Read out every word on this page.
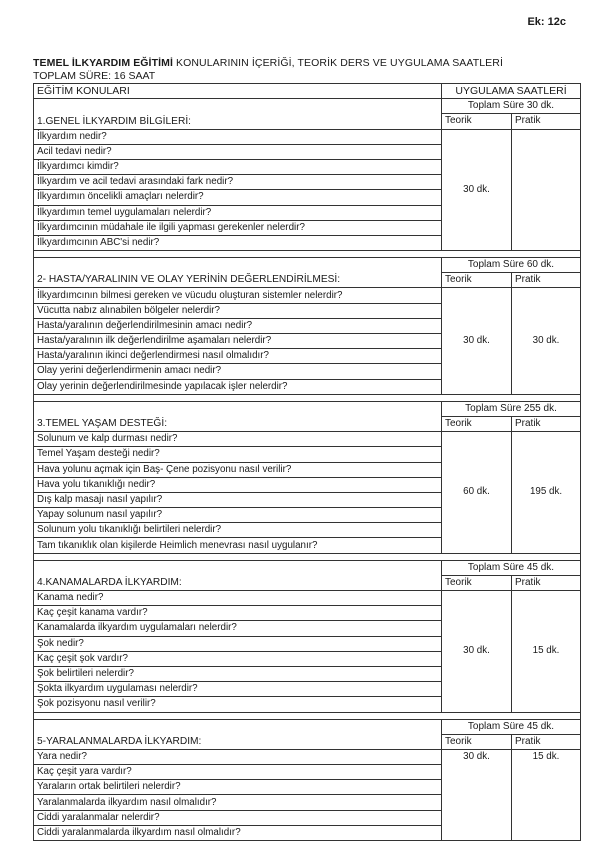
Ek: 12c
TEMEL İLKYARDIM EĞİTİMİ KONULARININ İÇERİĞİ, TEORİK DERS VE UYGULAMA SAATLERİ
TOPLAM SÜRE: 16 SAAT
EĞİTİM KONULARI	UYGULAMA SAATLERİ	
1.GENEL İLKYARDIM BİLGİLERİ:	Toplam Süre 30 dk.	
	Teorik	Pratik
İlkyardım nedir?	30 dk.	
Acil tedavi nedir?		
İlkyardımcı kimdir?		
İlkyardım ve acil tedavi arasındaki fark nedir?		
İlkyardımın öncelikli amaçları nelerdir?		
İlkyardımın temel uygulamaları nelerdir?		
İlkyardımcının müdahale ile ilgili yapması gerekenler nelerdir?		
İlkyardımcının ABC'si nedir?		

2- HASTA/YARALININ VE OLAY YERİNİN DEĞERLENDİRİLMESİ:	Toplam Süre 60 dk.	
	Teorik	Pratik
İlkyardımcının bilmesi gereken ve vücudu oluşturan sistemler nelerdir?	30 dk.	30 dk.
Vücutta nabız alınabilen bölgeler nelerdir?		
Hasta/yaralının değerlendirilmesinin amacı nedir?		
Hasta/yaralının ilk değerlendirilme aşamaları nelerdir?		
Hasta/yaralının ikinci değerlendirmesi nasıl olmalıdır?		
Olay yerini değerlendirmenin amacı nedir?		
Olay yerinin değerlendirilmesinde yapılacak işler nelerdir?		

3.TEMEL YAŞAM DESTEĞİ:	Toplam Süre 255 dk.	
	Teorik	Pratik
Solunum ve kalp durması nedir?	60 dk.	195 dk.
Temel Yaşam desteği nedir?		
Hava yolunu açmak için Baş- Çene pozisyonu nasıl verilir?		
Hava yolu tıkanıklığı nedir?		
Dış kalp masajı nasıl yapılır?		
Yapay solunum nasıl yapılır?		
Solunum yolu tıkanıklığı belirtileri nelerdir?		
Tam tıkanıklık olan kişilerde Heimlich menevrası nasıl uygulanır?		

4.KANAMALARDA İLKYARDIM:	Toplam Süre 45 dk.	
	Teorik	Pratik
Kanama nedir?	30 dk.	15 dk.
Kaç çeşit kanama vardır?		
Kanamalarda ilkyardım uygulamaları nelerdir?		
Şok nedir?		
Kaç çeşit şok vardır?		
Şok belirtileri nelerdir?		
Şokta ilkyardım uygulaması nelerdir?		
Şok pozisyonu nasıl verilir?		

5-YARALANMALARDA İLKYARDIM:	Toplam Süre 45 dk.	
	Teorik	Pratik
Yara nedir?	30 dk.	15 dk.
Kaç çeşit yara vardır?		
Yaraların ortak belirtileri nelerdir?		
Yaralanmalarda ilkyardım nasıl olmalıdır?		
Ciddi yaralanmalar nelerdir?		
Ciddi yaralanmalarda ilkyardım nasıl olmalıdır?		
